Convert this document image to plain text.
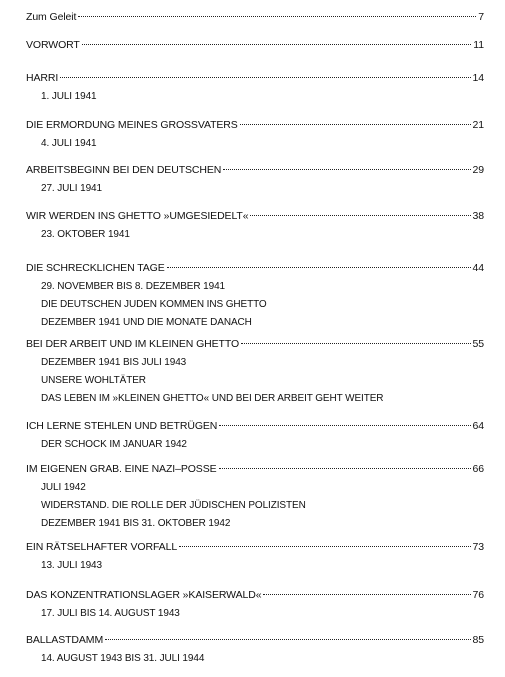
Zum Geleit	7
VORWORT	11
HARRI	14
1. JULI 1941
DIE ERMORDUNG MEINES GROSSVATERS	21
4. JULI 1941
ARBEITSBEGINN BEI DEN DEUTSCHEN	29
27. JULI 1941
WIR WERDEN INS GHETTO »UMGESIEDELT«	38
23. OKTOBER 1941
DIE SCHRECKLICHEN TAGE	44
29. NOVEMBER BIS 8. DEZEMBER 1941
DIE DEUTSCHEN JUDEN KOMMEN INS GHETTO
DEZEMBER 1941 UND DIE MONATE DANACH
BEI DER ARBEIT UND IM KLEINEN GHETTO	55
DEZEMBER 1941 BIS JULI 1943
UNSERE WOHLTÄTER
DAS LEBEN IM »KLEINEN GHETTO« UND BEI DER ARBEIT GEHT WEITER
ICH LERNE STEHLEN UND BETRÜGEN	64
DER SCHOCK IM JANUAR 1942
IM EIGENEN GRAB. EINE NAZI–POSSE	66
JULI 1942
WIDERSTAND. DIE ROLLE DER JÜDISCHEN POLIZISTEN
DEZEMBER 1941 BIS 31. OKTOBER 1942
EIN RÄTSELHAFTER VORFALL	73
13. JULI 1943
DAS KONZENTRATIONSLAGER »KAISERWALD«	76
17. JULI BIS 14. AUGUST 1943
BALLASTDAMM	85
14. AUGUST 1943 BIS 31. JULI 1944
